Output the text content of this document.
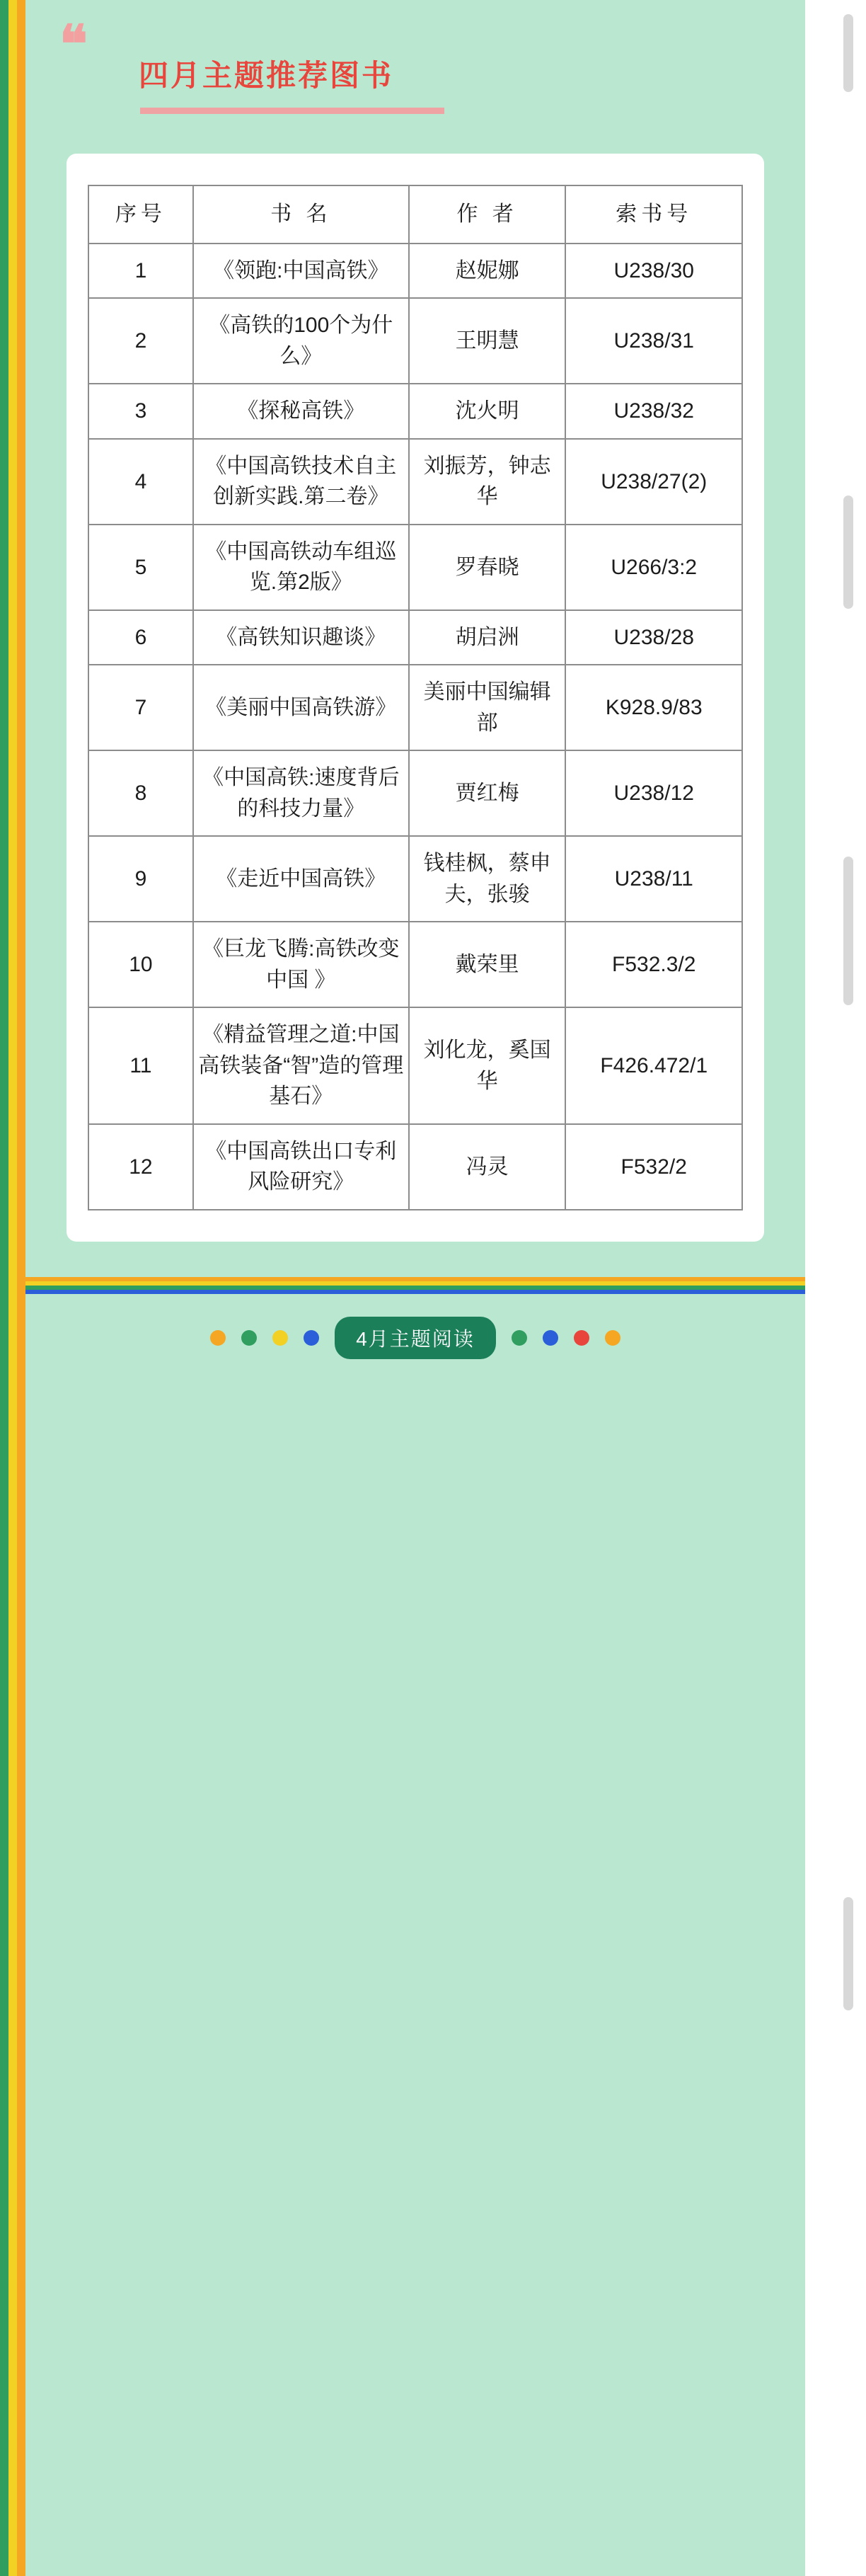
❝
四月主题推荐图书
序号	书 名	作 者	索书号
1	《领跑:中国高铁》	赵妮娜	U238/30
2	《高铁的100个为什么》	王明慧	U238/31
3	《探秘高铁》	沈火明	U238/32
4	《中国高铁技术自主创新实践.第二卷》	刘振芳，钟志华	U238/27(2)
5	《中国高铁动车组巡览.第2版》	罗春晓	U266/3:2
6	《高铁知识趣谈》	胡启洲	U238/28
7	《美丽中国高铁游》	美丽中国编辑部	K928.9/83
8	《中国高铁:速度背后的科技力量》	贾红梅	U238/12
9	《走近中国高铁》	钱桂枫，蔡申夫，张骏	U238/11
10	《巨龙飞腾:高铁改变中国 》	戴荣里	F532.3/2
11	《精益管理之道:中国高铁装备“智”造的管理基石》	刘化龙，奚国华	F426.472/1
12	《中国高铁出口专利风险研究》	冯灵	F532/2
4月主题阅读
